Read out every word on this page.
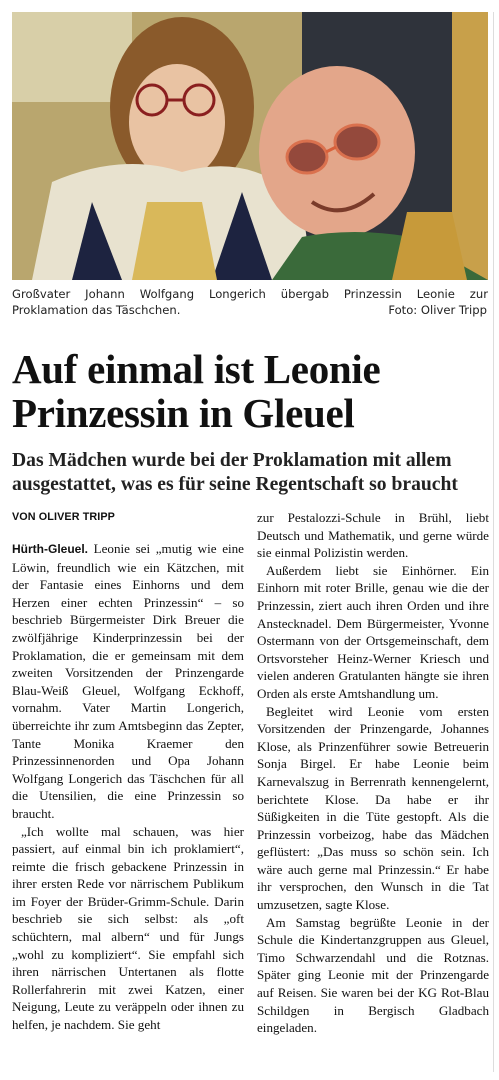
Großvater Johann Wolfgang Longerich übergab Prinzessin Leonie zur Proklamation das Täschchen.	Foto: Oliver Tripp
Auf einmal ist Leonie Prinzessin in Gleuel
Das Mädchen wurde bei der Proklamation mit allem ausgestattet, was es für seine Regentschaft so braucht
VON OLIVER TRIPP

Hürth-Gleuel. Leonie sei „mutig wie eine Löwin, freundlich wie ein Kätzchen, mit der Fantasie eines Einhorns und dem Herzen einer echten Prinzessin“ – so beschrieb Bürgermeister Dirk Breuer die zwölfjährige Kinderprinzessin bei der Proklamation, die er gemeinsam mit dem zweiten Vorsitzenden der Prinzengarde Blau-Weiß Gleuel, Wolfgang Eckhoff, vornahm. Vater Martin Longerich, überreichte ihr zum Amtsbeginn das Zepter, Tante Monika Kraemer den Prinzessinnenorden und Opa Johann Wolfgang Longerich das Täschchen für all die Utensilien, die eine Prinzessin so braucht.

„Ich wollte mal schauen, was hier passiert, auf einmal bin ich proklamiert“, reimte die frisch gebackene Prinzessin in ihrer ersten Rede vor närrischem Publikum im Foyer der Brüder-Grimm-Schule. Darin beschrieb sie sich selbst: als „oft schüchtern, mal albern“ und für Jungs „wohl zu kompliziert“. Sie empfahl sich ihren närrischen Untertanen als flotte Rollerfahrerin mit zwei Katzen, einer Neigung, Leute zu veräppeln oder ihnen zu helfen, je nachdem. Sie geht

zur Pestalozzi-Schule in Brühl, liebt Deutsch und Mathematik, und gerne würde sie einmal Polizistin werden.

Außerdem liebt sie Einhörner. Ein Einhorn mit roter Brille, genau wie die der Prinzessin, ziert auch ihren Orden und ihre Anstecknadel. Dem Bürgermeister, Yvonne Ostermann von der Ortsgemeinschaft, dem Ortsvorsteher Heinz-Werner Kriesch und vielen anderen Gratulanten hängte sie ihren Orden als erste Amtshandlung um.

Begleitet wird Leonie vom ersten Vorsitzenden der Prinzengarde, Johannes Klose, als Prinzenführer sowie Betreuerin Sonja Birgel. Er habe Leonie beim Karnevalszug in Berrenrath kennengelernt, berichtete Klose. Da habe er ihr Süßigkeiten in die Tüte gestopft. Als die Prinzessin vorbeizog, habe das Mädchen geflüstert: „Das muss so schön sein. Ich wäre auch gerne mal Prinzessin.“ Er habe ihr versprochen, den Wunsch in die Tat umzusetzen, sagte Klose.

Am Samstag begrüßte Leonie in der Schule die Kindertanzgruppen aus Gleuel, Timo Schwarzendahl und die Rotznas. Später ging Leonie mit der Prinzengarde auf Reisen. Sie waren bei der KG Rot-Blau Schildgen in Bergisch Gladbach eingeladen.
